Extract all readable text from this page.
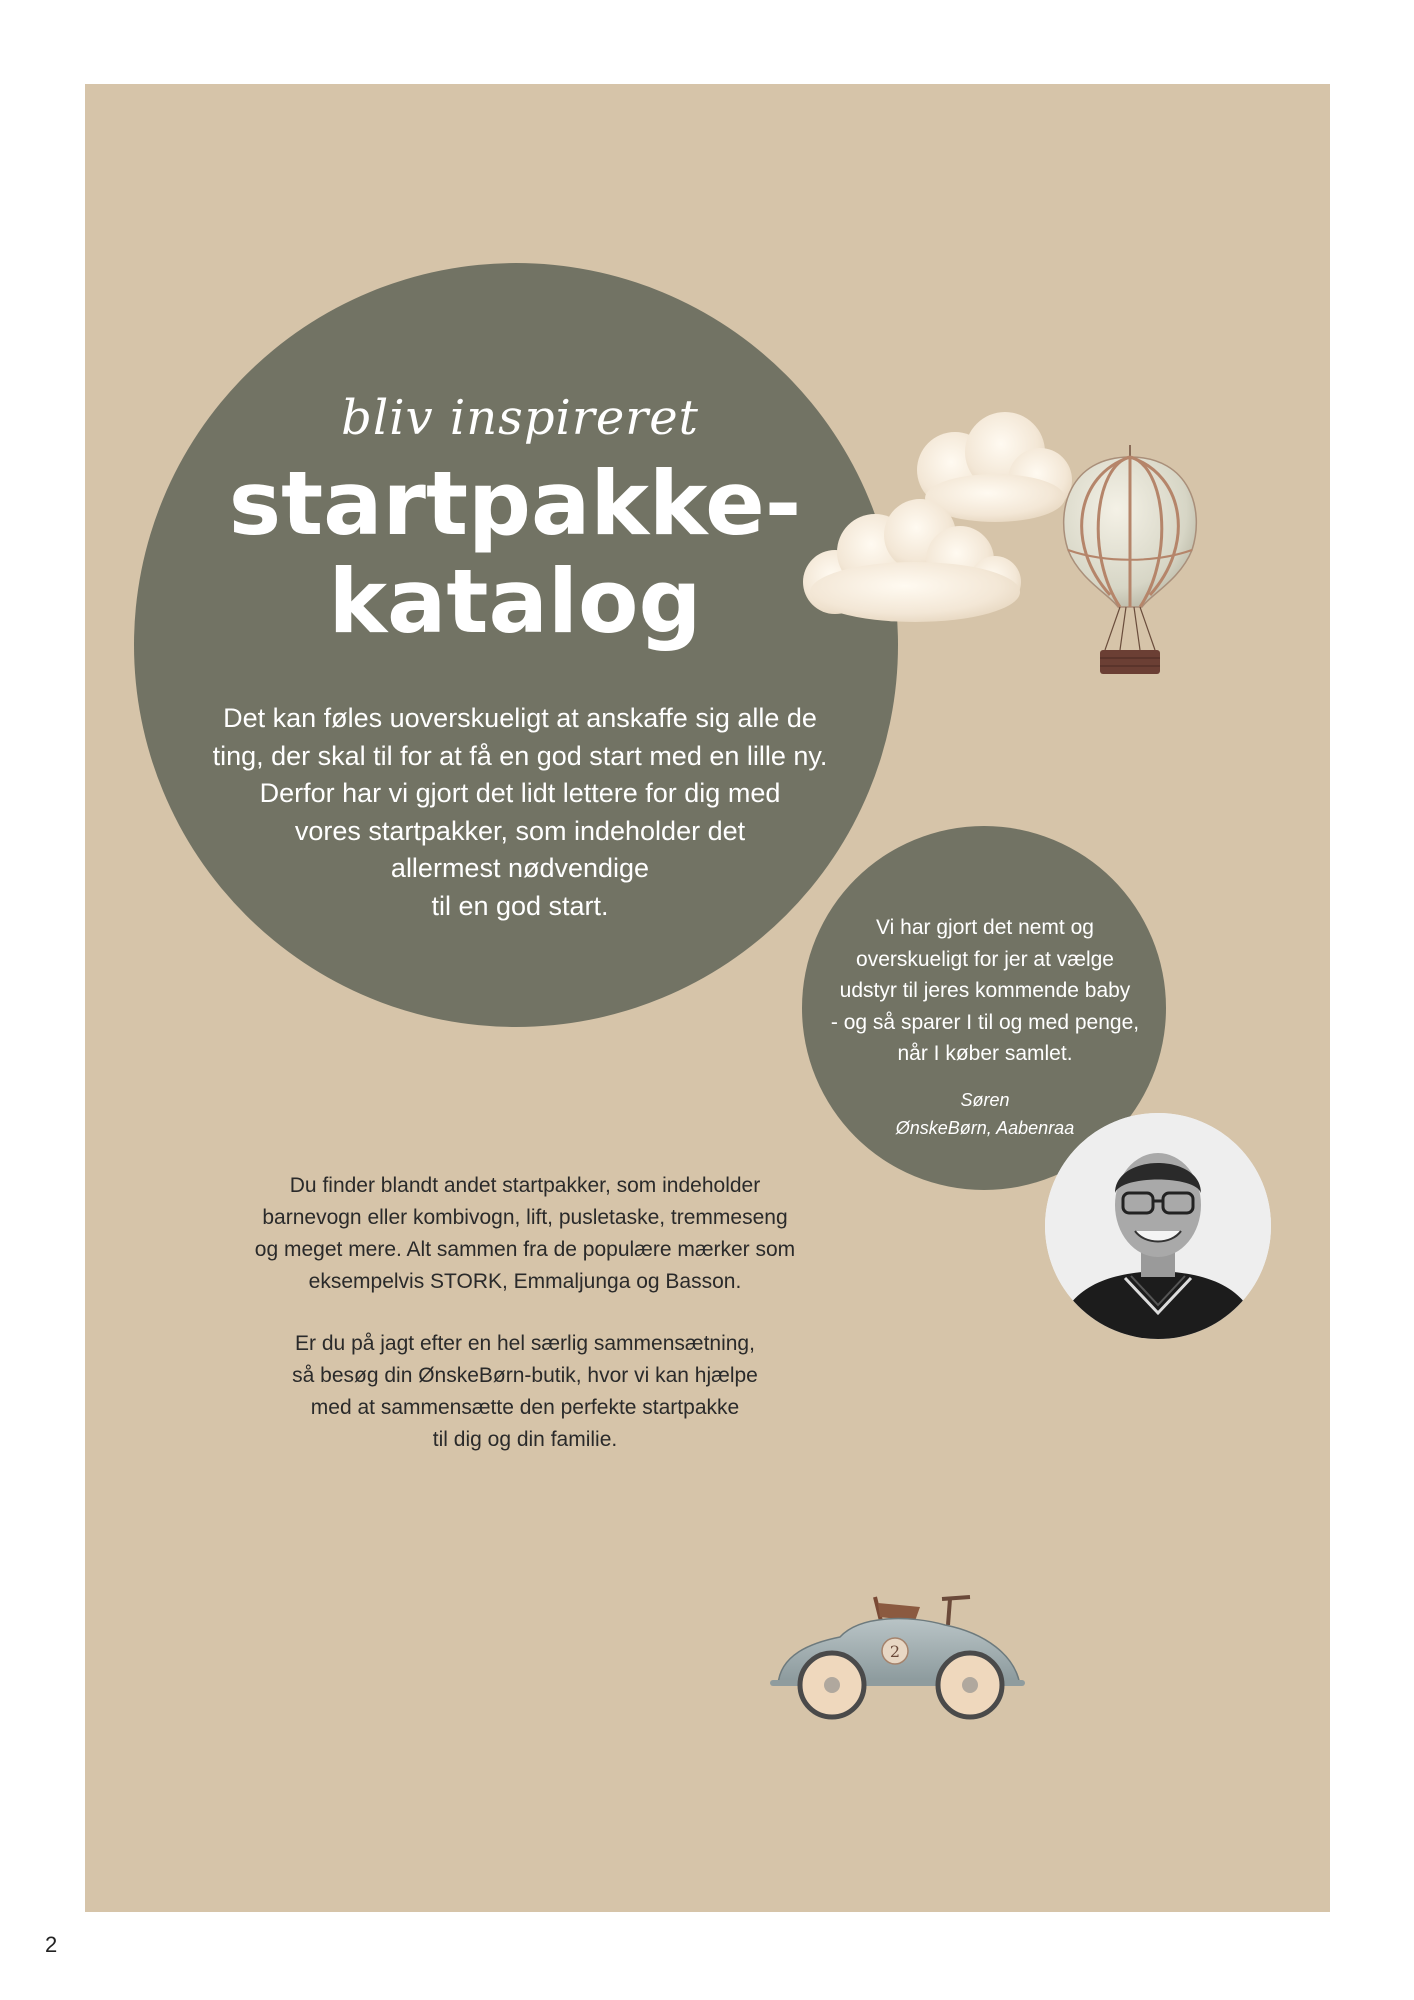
bliv inspireret
startpakke-
katalog
Det kan føles uoverskueligt at anskaffe sig alle de
ting, der skal til for at få en god start med en lille ny.
Derfor har vi gjort det lidt lettere for dig med
vores startpakker, som indeholder det
allermest nødvendige
til en god start.
Vi har gjort det nemt og
overskueligt for jer at vælge
udstyr til jeres kommende baby
- og så sparer I til og med penge,
når I køber samlet.
Søren
ØnskeBørn, Aabenraa
Du finder blandt andet startpakker, som indeholder
barnevogn eller kombivogn, lift, pusletaske, tremmeseng
og meget mere. Alt sammen fra de populære mærker som
eksempelvis STORK, Emmaljunga og Basson.
Er du på jagt efter en hel særlig sammensætning,
så besøg din ØnskeBørn-butik, hvor vi kan hjælpe
med at sammensætte den perfekte startpakke
til dig og din familie.
2
2
